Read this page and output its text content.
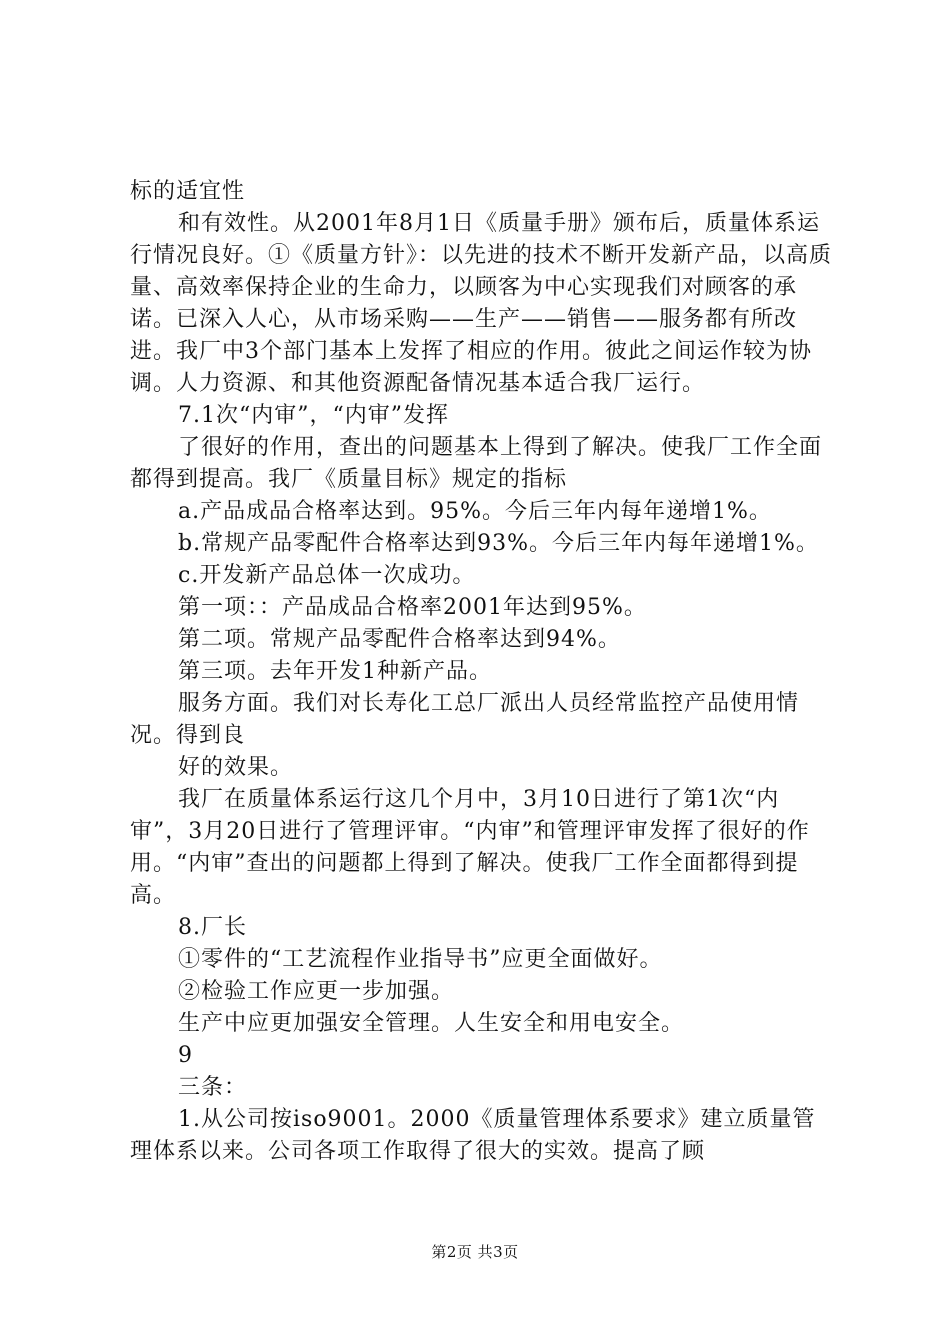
标的适宜性

和有效性。从2001年8月1日《质量手册》颁布后，质量体系运行情况良好。①《质量方针》：以先进的技术不断开发新产品，以高质量、高效率保持企业的生命力，以顾客为中心实现我们对顾客的承诺。已深入人心，从市场采购——生产——销售——服务都有所改进。我厂中3个部门基本上发挥了相应的作用。彼此之间运作较为协调。人力资源、和其他资源配备情况基本适合我厂运行。

7.1次“内审”，“内审”发挥

了很好的作用，查出的问题基本上得到了解决。使我厂工作全面都得到提高。我厂《质量目标》规定的指标

a.产品成品合格率达到。95%。今后三年内每年递增1%。

b.常规产品零配件合格率达到93%。今后三年内每年递增1%。

c.开发新产品总体一次成功。

第一项：：产品成品合格率2001年达到95%。

第二项。常规产品零配件合格率达到94%。

第三项。去年开发1种新产品。

服务方面。我们对长寿化工总厂派出人员经常监控产品使用情况。得到良

好的效果。

我厂在质量体系运行这几个月中，3月10日进行了第1次“内审”，3月20日进行了管理评审。“内审”和管理评审发挥了很好的作用。“内审”查出的问题都上得到了解决。使我厂工作全面都得到提高。

8.厂长

①零件的“工艺流程作业指导书”应更全面做好。

②检验工作应更一步加强。

生产中应更加强安全管理。人生安全和用电安全。

9

三条：

1.从公司按iso9001。2000《质量管理体系要求》建立质量管理体系以来。公司各项工作取得了很大的实效。提高了顾

第2页 共3页
